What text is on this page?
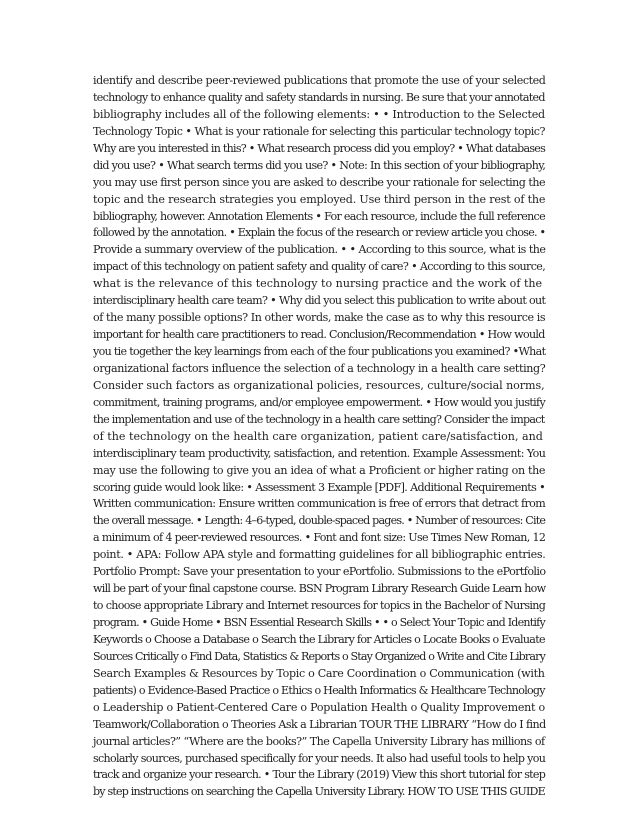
identify and describe peer-reviewed publications that promote the use of your selected
technology to enhance quality and safety standards in nursing. Be sure that your annotated
bibliography includes all of the following elements: • • Introduction to the Selected
Technology Topic • What is your rationale for selecting this particular technology topic?
Why are you interested in this? • What research process did you employ? • What databases
did you use? • What search terms did you use? • Note: In this section of your bibliography,
you may use first person since you are asked to describe your rationale for selecting the
topic and the research strategies you employed. Use third person in the rest of the
bibliography, however. Annotation Elements • For each resource, include the full reference
followed by the annotation. • Explain the focus of the research or review article you chose. •
Provide a summary overview of the publication. • • According to this source, what is the
impact of this technology on patient safety and quality of care? • According to this source,
what is the relevance of this technology to nursing practice and the work of the
interdisciplinary health care team? • Why did you select this publication to write about out
of the many possible options? In other words, make the case as to why this resource is
important for health care practitioners to read. Conclusion/Recommendation • How would
you tie together the key learnings from each of the four publications you examined? •What
organizational factors influence the selection of a technology in a health care setting?
Consider such factors as organizational policies, resources, culture/social norms,
commitment, training programs, and/or employee empowerment. • How would you justify
the implementation and use of the technology in a health care setting? Consider the impact
of the technology on the health care organization, patient care/satisfaction, and
interdisciplinary team productivity, satisfaction, and retention. Example Assessment: You
may use the following to give you an idea of what a Proficient or higher rating on the
scoring guide would look like: • Assessment 3 Example [PDF]. Additional Requirements •
Written communication: Ensure written communication is free of errors that detract from
the overall message. • Length: 4–6-typed, double-spaced pages. • Number of resources: Cite
a minimum of 4 peer-reviewed resources. • Font and font size: Use Times New Roman, 12
point. • APA: Follow APA style and formatting guidelines for all bibliographic entries.
Portfolio Prompt: Save your presentation to your ePortfolio. Submissions to the ePortfolio
will be part of your final capstone course. BSN Program Library Research Guide Learn how
to choose appropriate Library and Internet resources for topics in the Bachelor of Nursing
program. • Guide Home • BSN Essential Research Skills • • o Select Your Topic and Identify
Keywords o Choose a Database o Search the Library for Articles o Locate Books o Evaluate
Sources Critically o Find Data, Statistics & Reports o Stay Organized o Write and Cite Library
Search Examples & Resources by Topic o Care Coordination o Communication (with
patients) o Evidence-Based Practice o Ethics o Health Informatics & Healthcare Technology
o Leadership o Patient-Centered Care o Population Health o Quality Improvement o
Teamwork/Collaboration o Theories Ask a Librarian TOUR THE LIBRARY “How do I find
journal articles?” “Where are the books?” The Capella University Library has millions of
scholarly sources, purchased specifically for your needs. It also had useful tools to help you
track and organize your research. • Tour the Library (2019) View this short tutorial for step
by step instructions on searching the Capella University Library. HOW TO USE THIS GUIDE
